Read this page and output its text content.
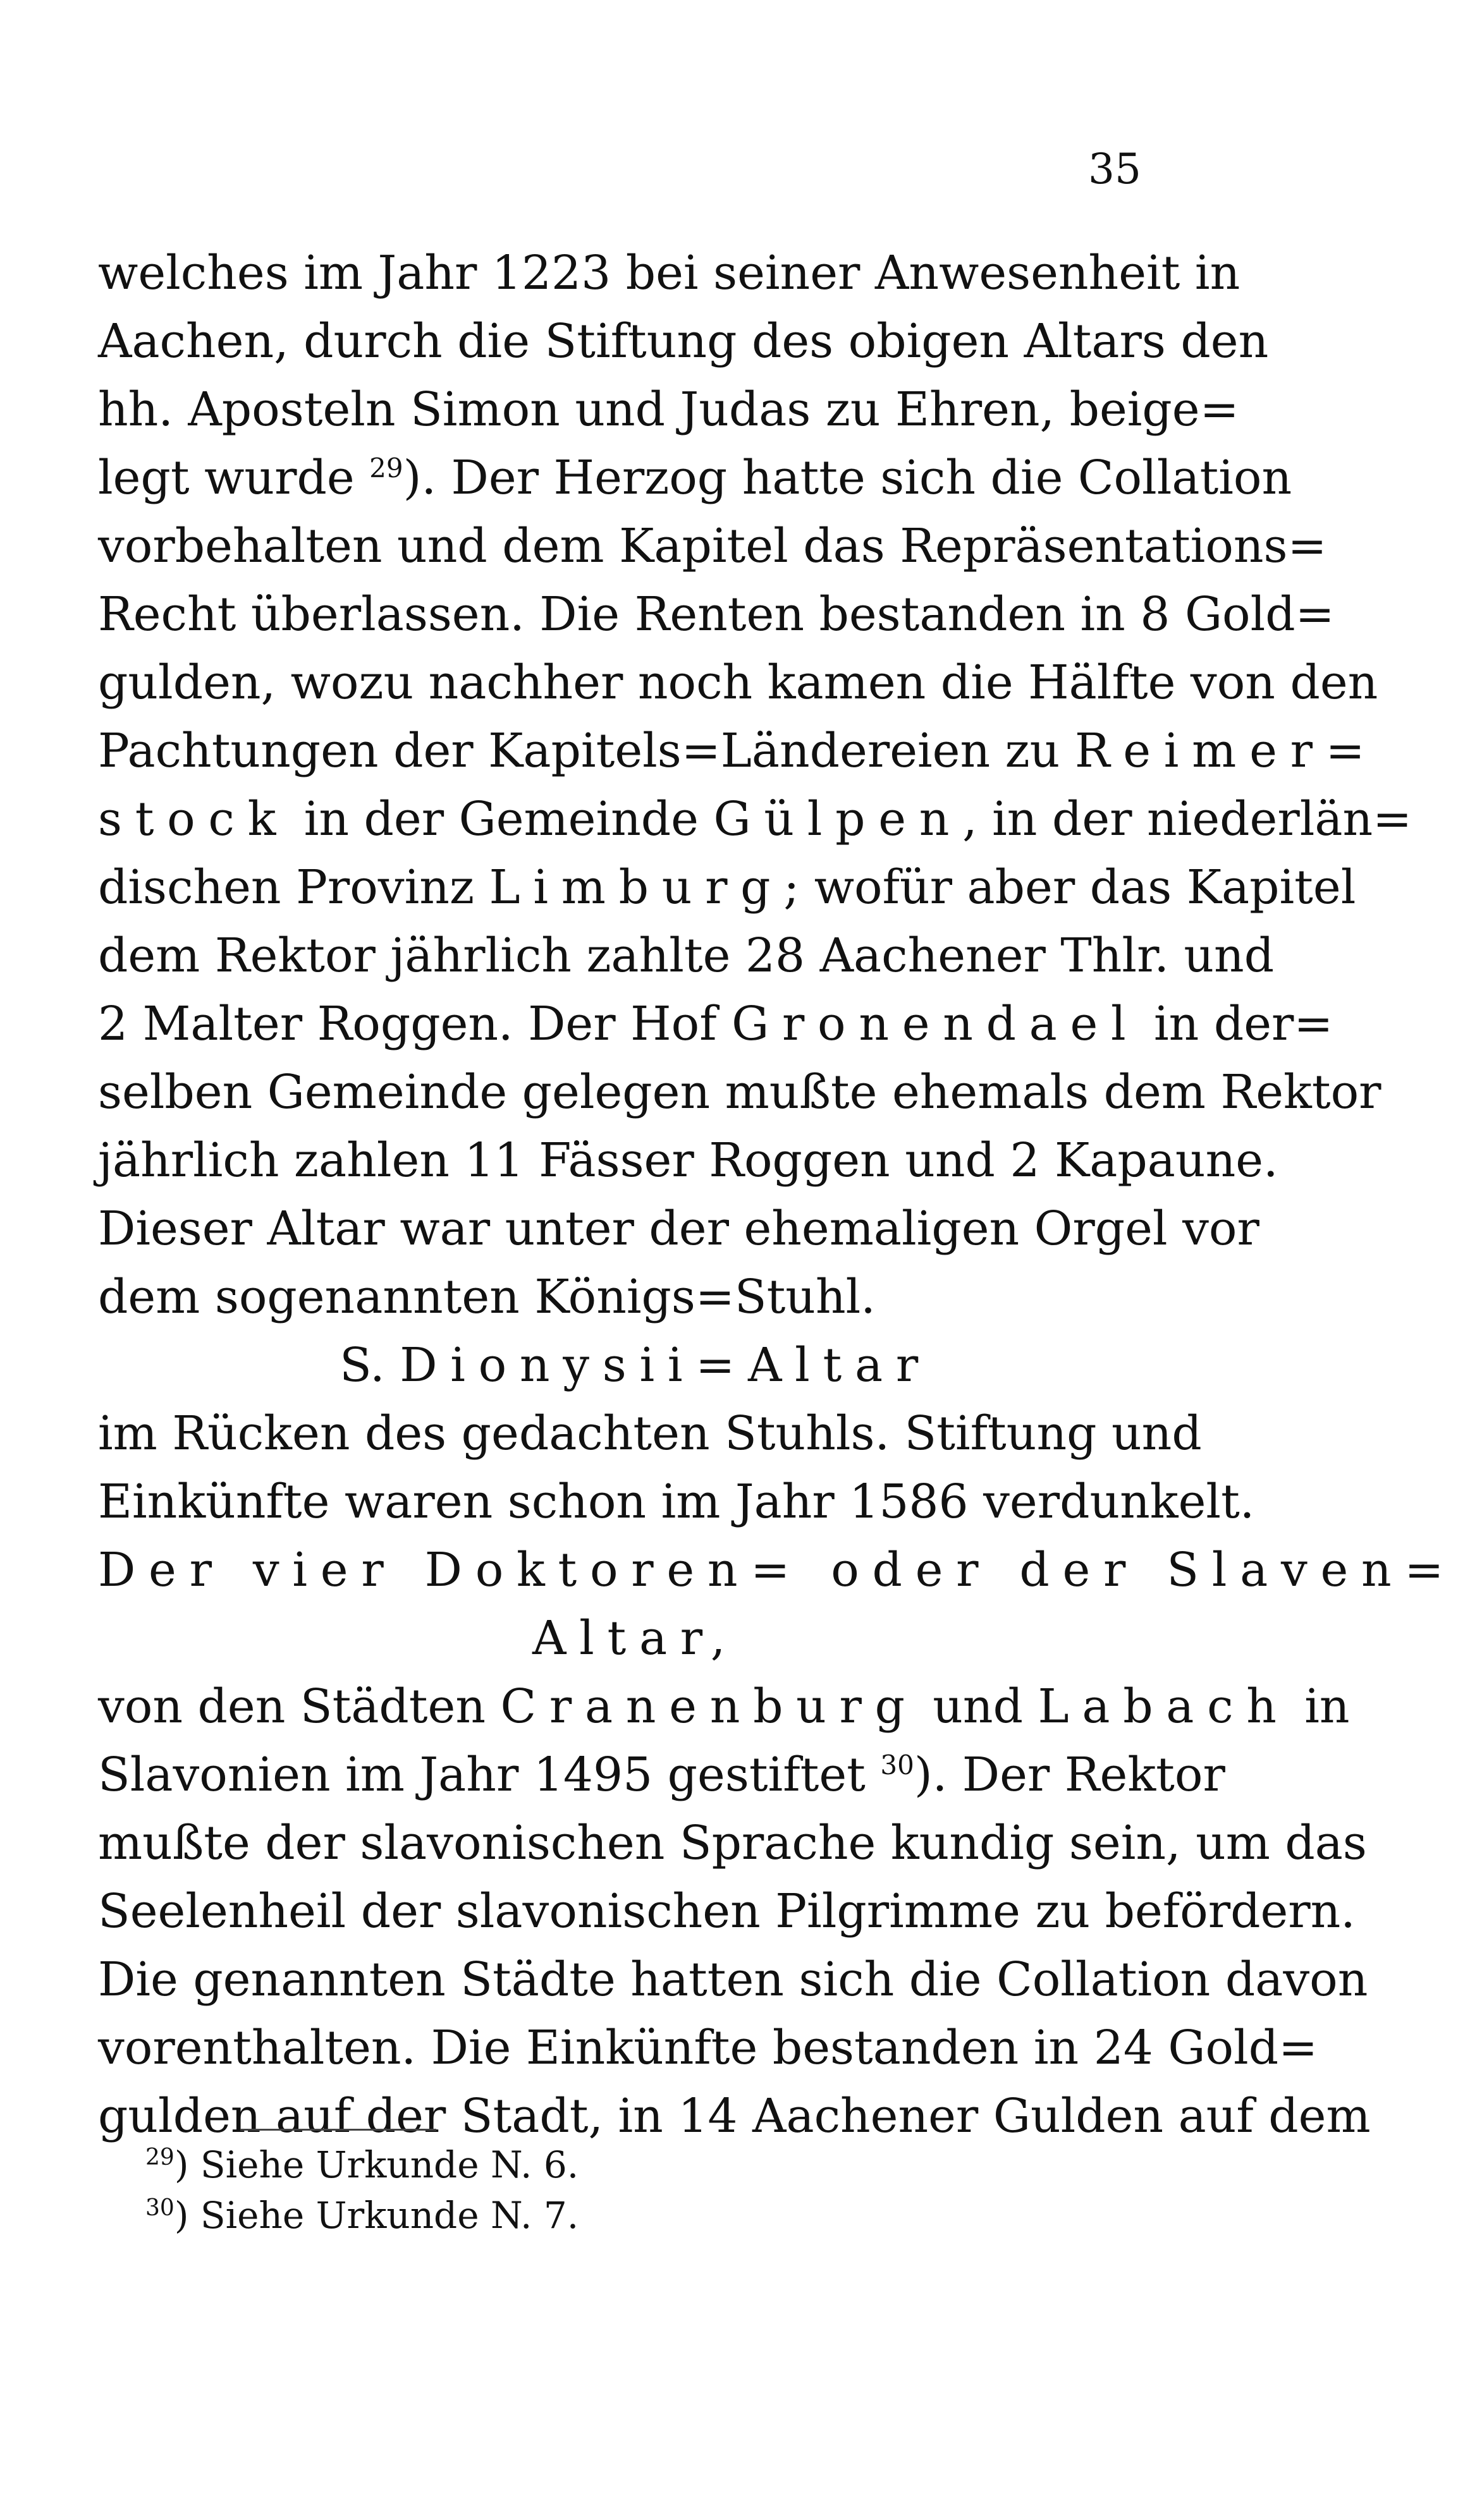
35
welches im Jahr 1223 bei seiner Anwesenheit in
Aachen, durch die Stiftung des obigen Altars den
hh. Aposteln Simon und Judas zu Ehren, beige=
legt wurde $^{29}$). Der Herzog hatte sich die Collation
vorbehalten und dem Kapitel das Repräsentations=
Recht überlassen. Die Renten bestanden in 8 Gold=
gulden, wozu nachher noch kamen die Hälfte von den
Pachtungen der Kapitels=Ländereien zu Reimer=
stock in der Gemeinde Gülpen, in der niederlän=
dischen Provinz Limburg; wofür aber das Kapitel
dem Rektor jährlich zahlte 28 Aachener Thlr. und
2 Malter Roggen. Der Hof Gronendael in der=
selben Gemeinde gelegen mußte ehemals dem Rektor
jährlich zahlen 11 Fässer Roggen und 2 Kapaune.
Dieser Altar war unter der ehemaligen Orgel vor
dem sogenannten Königs=Stuhl.
S. Dionysii=Altar
im Rücken des gedachten Stuhls. Stiftung und
Einkünfte waren schon im Jahr 1586 verdunkelt.
Der vier Doktoren= oder der Slaven=
Altar,
von den Städten Cranenburg und Labach in
Slavonien im Jahr 1495 gestiftet $^{30}$). Der Rektor
mußte der slavonischen Sprache kundig sein, um das
Seelenheil der slavonischen Pilgrimme zu befördern.
Die genannten Städte hatten sich die Collation davon
vorenthalten. Die Einkünfte bestanden in 24 Gold=
gulden auf der Stadt, in 14 Aachener Gulden auf dem
$^{29}$) Siehe Urkunde N. 6.
$^{30}$) Siehe Urkunde N. 7.
